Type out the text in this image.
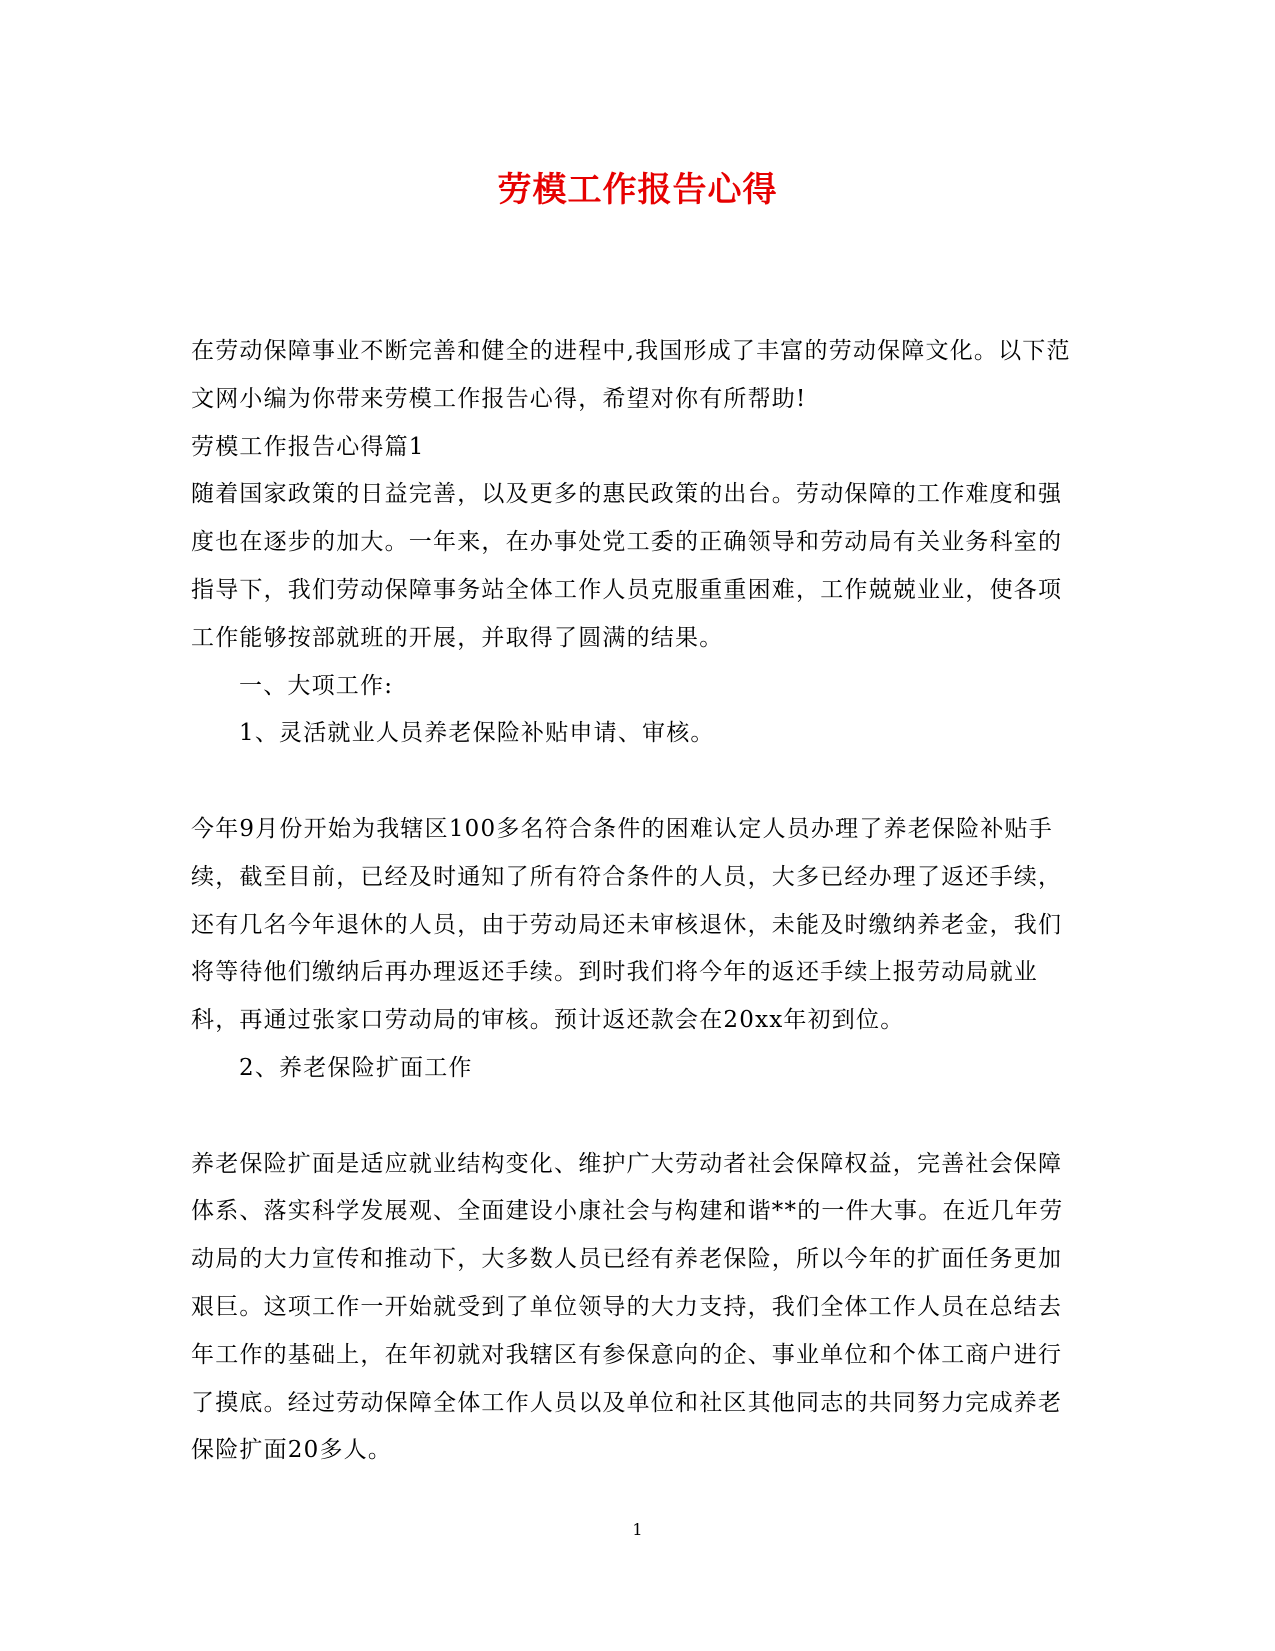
劳模工作报告心得

在劳动保障事业不断完善和健全的进程中,我国形成了丰富的劳动保障文化。以下范文网小编为你带来劳模工作报告心得，希望对你有所帮助!

劳模工作报告心得篇1

随着国家政策的日益完善，以及更多的惠民政策的出台。劳动保障的工作难度和强度也在逐步的加大。一年来，在办事处党工委的正确领导和劳动局有关业务科室的指导下，我们劳动保障事务站全体工作人员克服重重困难，工作兢兢业业，使各项工作能够按部就班的开展，并取得了圆满的结果。

一、大项工作:

1、灵活就业人员养老保险补贴申请、审核。

今年9月份开始为我辖区100多名符合条件的困难认定人员办理了养老保险补贴手续，截至目前，已经及时通知了所有符合条件的人员，大多已经办理了返还手续，还有几名今年退休的人员，由于劳动局还未审核退休，未能及时缴纳养老金，我们将等待他们缴纳后再办理返还手续。到时我们将今年的返还手续上报劳动局就业科，再通过张家口劳动局的审核。预计返还款会在20xx年初到位。

2、养老保险扩面工作

养老保险扩面是适应就业结构变化、维护广大劳动者社会保障权益，完善社会保障体系、落实科学发展观、全面建设小康社会与构建和谐**的一件大事。在近几年劳动局的大力宣传和推动下，大多数人员已经有养老保险，所以今年的扩面任务更加艰巨。这项工作一开始就受到了单位领导的大力支持，我们全体工作人员在总结去年工作的基础上，在年初就对我辖区有参保意向的企、事业单位和个体工商户进行了摸底。经过劳动保障全体工作人员以及单位和社区其他同志的共同努力完成养老保险扩面20多人。

1
